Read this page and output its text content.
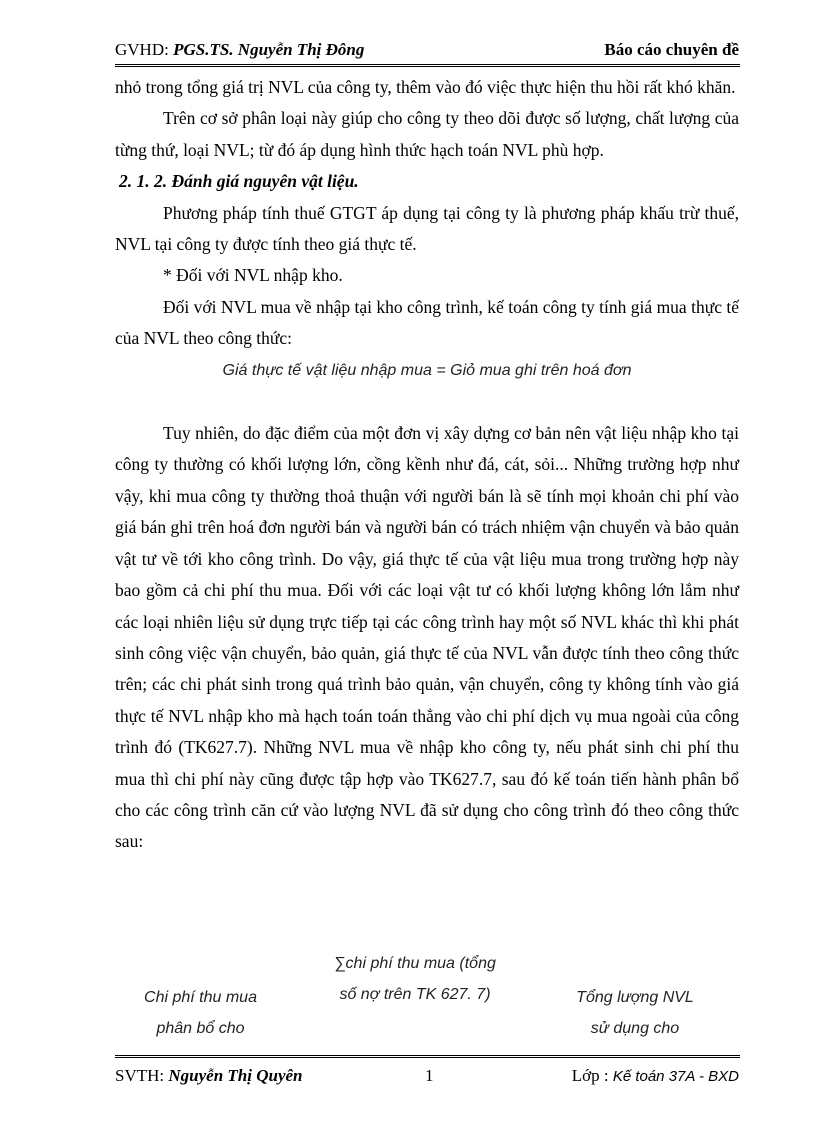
GVHD: PGS.TS. Nguyễn Thị Đông	Báo cáo chuyên đề

nhỏ trong tổng giá trị NVL của công ty, thêm vào đó việc thực hiện thu hồi rất khó khăn.

Trên cơ sở phân loại này giúp cho công ty theo dõi được số lượng, chất lượng của từng thứ, loại NVL; từ đó áp dụng hình thức hạch toán NVL phù hợp.

2. 1. 2. Đánh giá nguyên vật liệu.

Phương pháp tính thuế GTGT áp dụng tại công ty là phương pháp khấu trừ thuế, NVL tại công ty được tính theo giá thực tế.

* Đối với NVL nhập kho.

Đối với NVL mua về nhập tại kho công trình, kế toán công ty tính giá mua thực tế của NVL theo công thức:

Giá thực tế vật liệu nhập mua = Giỏ mua ghi trên hoá đơn

Tuy nhiên, do đặc điểm của một đơn vị xây dựng cơ bản nên vật liệu nhập kho tại công ty thường có khối lượng lớn, cồng kềnh như đá, cát, sỏi... Những trường hợp như vậy, khi mua công ty thường thoả thuận với người bán là sẽ tính mọi khoản chi phí vào giá bán ghi trên hoá đơn người bán và người bán có trách nhiệm vận chuyển và bảo quản vật tư về tới kho công trình. Do vậy, giá thực tế của vật liệu mua trong trường hợp này bao gồm cả chi phí thu mua. Đối với các loại vật tư có khối lượng không lớn lắm như các loại nhiên liệu sử dụng trực tiếp tại các công trình hay một số NVL khác thì khi phát sinh công việc vận chuyển, bảo quản, giá thực tế của NVL vẫn được tính theo công thức trên; các chi phát sinh trong quá trình bảo quản, vận chuyển, công ty không tính vào giá thực tế NVL nhập kho mà hạch toán toán thẳng vào chi phí dịch vụ mua ngoài của công trình đó (TK627.7). Những NVL mua về nhập kho công ty, nếu phát sinh chi phí thu mua thì chi phí này cũng được tập hợp vào TK627.7, sau đó kế toán tiến hành phân bổ cho các công trình căn cứ vào lượng NVL đã sử dụng cho công trình đó theo công thức sau:

Chi phí thu mua
phân bổ cho
∑chi phí thu mua (tổng
số nợ trên TK 627. 7)	Tổng lượng NVL
sử dụng cho
SVTH: Nguyễn Thị Quyên	1	Lớp : Kế toán 37A - BXD
